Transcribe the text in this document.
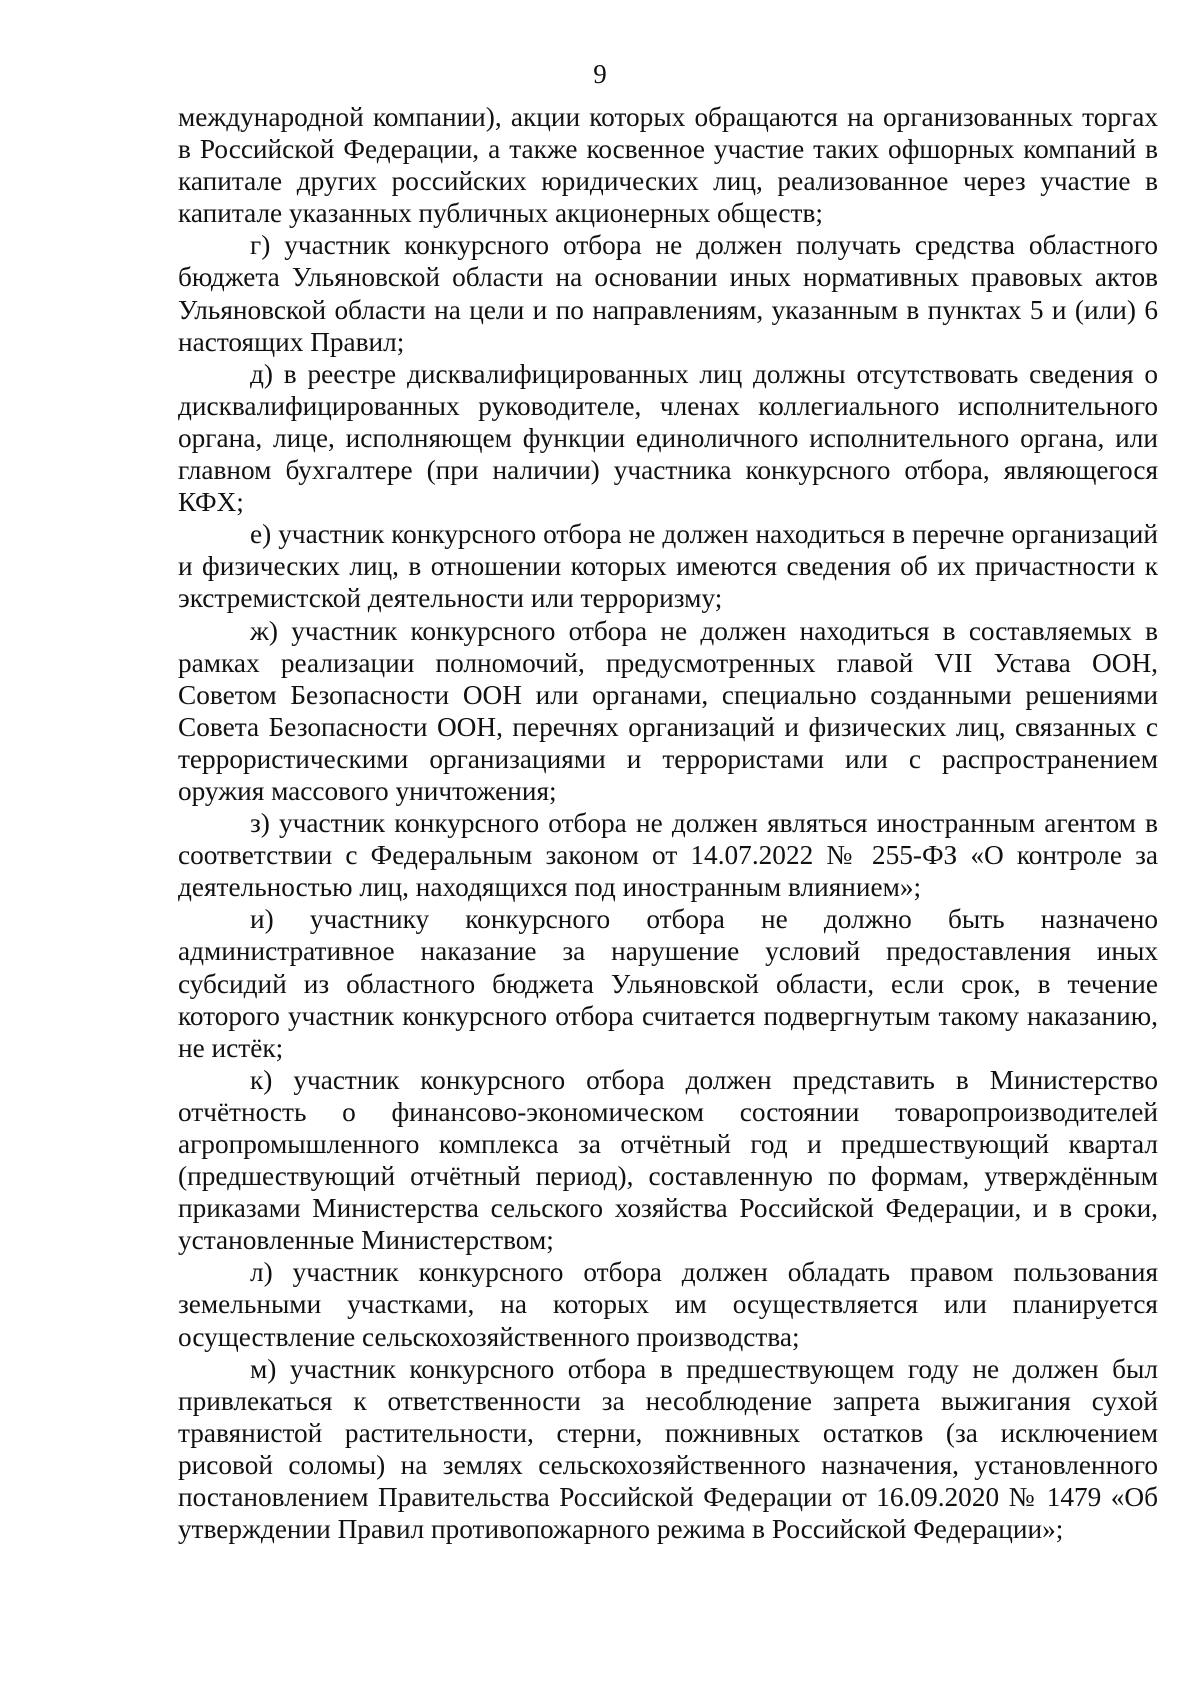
9

международной компании), акции которых обращаются на организованных торгах в Российской Федерации, а также косвенное участие таких офшорных компаний в капитале других российских юридических лиц, реализованное через участие в капитале указанных публичных акционерных обществ;

г) участник конкурсного отбора не должен получать средства областного бюджета Ульяновской области на основании иных нормативных правовых актов Ульяновской области на цели и по направлениям, указанным в пунктах 5 и (или) 6 настоящих Правил;

д) в реестре дисквалифицированных лиц должны отсутствовать сведения о дисквалифицированных руководителе, членах коллегиального исполнительного органа, лице, исполняющем функции единоличного исполнительного органа, или главном бухгалтере (при наличии) участника конкурсного отбора, являющегося КФХ;

е) участник конкурсного отбора не должен находиться в перечне организаций и физических лиц, в отношении которых имеются сведения об их причастности к экстремистской деятельности или терроризму;

ж) участник конкурсного отбора не должен находиться в составляемых в рамках реализации полномочий, предусмотренных главой VII Устава ООН, Советом Безопасности ООН или органами, специально созданными решениями Совета Безопасности ООН, перечнях организаций и физических лиц, связанных с террористическими организациями и террористами или с распространением оружия массового уничтожения;

з) участник конкурсного отбора не должен являться иностранным агентом в соответствии с Федеральным законом от 14.07.2022 № 255-ФЗ «О контроле за деятельностью лиц, находящихся под иностранным влиянием»;

и) участнику конкурсного отбора не должно быть назначено административное наказание за нарушение условий предоставления иных субсидий из областного бюджета Ульяновской области, если срок, в течение которого участник конкурсного отбора считается подвергнутым такому наказанию, не истёк;

к) участник конкурсного отбора должен представить в Министерство отчётность о финансово-экономическом состоянии товаропроизводителей агропромышленного комплекса за отчётный год и предшествующий квартал (предшествующий отчётный период), составленную по формам, утверждённым приказами Министерства сельского хозяйства Российской Федерации, и в сроки, установленные Министерством;

л) участник конкурсного отбора должен обладать правом пользования земельными участками, на которых им осуществляется или планируется осуществление сельскохозяйственного производства;

м) участник конкурсного отбора в предшествующем году не должен был привлекаться к ответственности за несоблюдение запрета выжигания сухой травянистой растительности, стерни, пожнивных остатков (за исключением рисовой соломы) на землях сельскохозяйственного назначения, установленного постановлением Правительства Российской Федерации от 16.09.2020 № 1479 «Об утверждении Правил противопожарного режима в Российской Федерации»;
